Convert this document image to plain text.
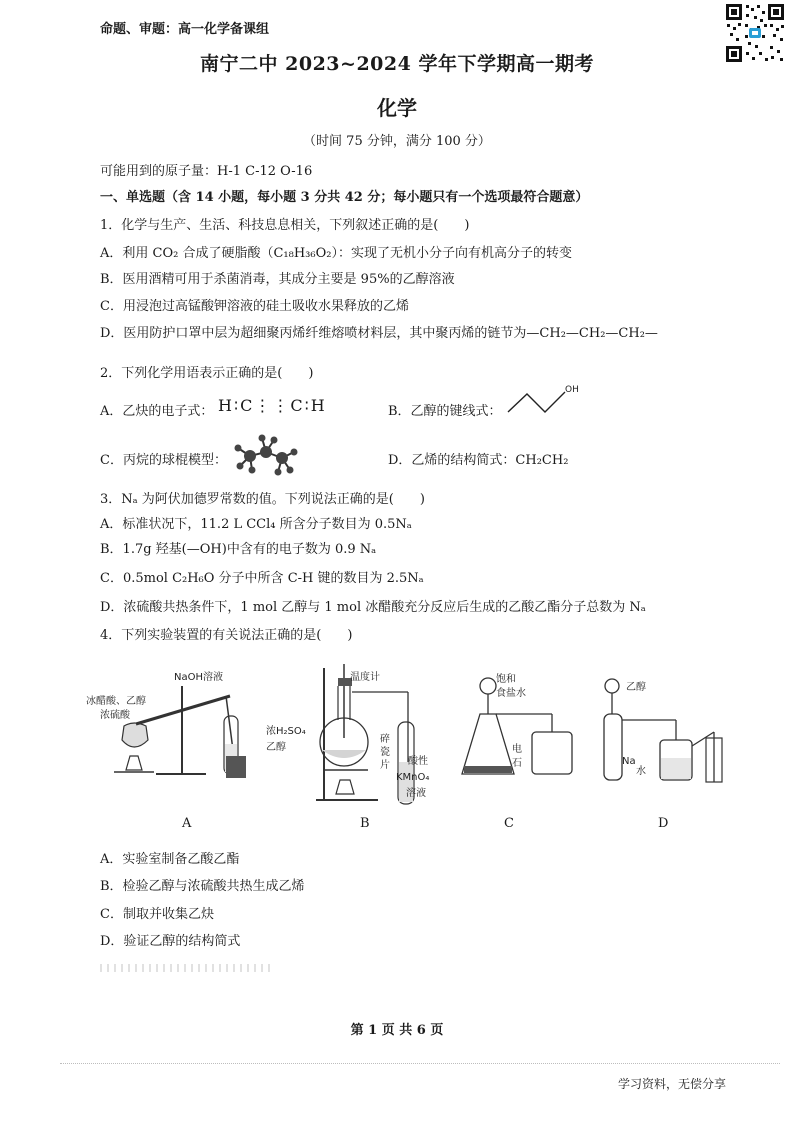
命题、审题：高一化学备课组
南宁二中 2023~2024 学年下学期高一期考
化学
（时间 75 分钟，满分 100 分）
可能用到的原子量：H-1 C-12 O-16
一、单选题（含 14 小题，每小题 3 分共 42 分；每小题只有一个选项最符合题意）
1．化学与生产、生活、科技息息相关，下列叙述正确的是(　　)
A．利用 CO₂ 合成了硬脂酸（C₁₈H₃₆O₂）：实现了无机小分子向有机高分子的转变
B．医用酒精可用于杀菌消毒，其成分主要是 95%的乙醇溶液
C．用浸泡过高锰酸钾溶液的硅土吸收水果释放的乙烯
D．医用防护口罩中层为超细聚丙烯纤维熔喷材料层，其中聚丙烯的链节为—CH₂—CH₂—CH₂—
2．下列化学用语表示正确的是(　　)
A．乙炔的电子式： H∶C⋮⋮C∶H	B．乙醇的键线式：
OH
C．丙烷的球棍模型：	D．乙烯的结构简式：CH₂CH₂
3．Nₐ 为阿伏加德罗常数的值。下列说法正确的是(　　)
A．标准状况下，11.2 L CCl₄ 所含分子数目为 0.5Nₐ
B．1.7g 羟基(—OH)中含有的电子数为 0.9 Nₐ
C．0.5mol C₂H₆O 分子中所含 C-H 键的数目为 2.5Nₐ
D．浓硫酸共热条件下，1 mol 乙醇与 1 mol 冰醋酸充分反应后生成的乙酸乙酯分子总数为 Nₐ
4．下列实验装置的有关说法正确的是(　　)
NaOH溶液
冰醋酸、乙醇
浓硫酸
A
温度计
浓H₂SO₄
乙醇
碎
瓷
片 酸性
KMnO₄
溶液
B
饱和
食盐水
电
石
C
乙醇
Na
水
D
A．实验室制备乙酸乙酯
B．检验乙醇与浓硫酸共热生成乙烯
C．制取并收集乙炔
D．验证乙醇的结构简式
第 1 页 共 6 页
学习资料，无偿分享
